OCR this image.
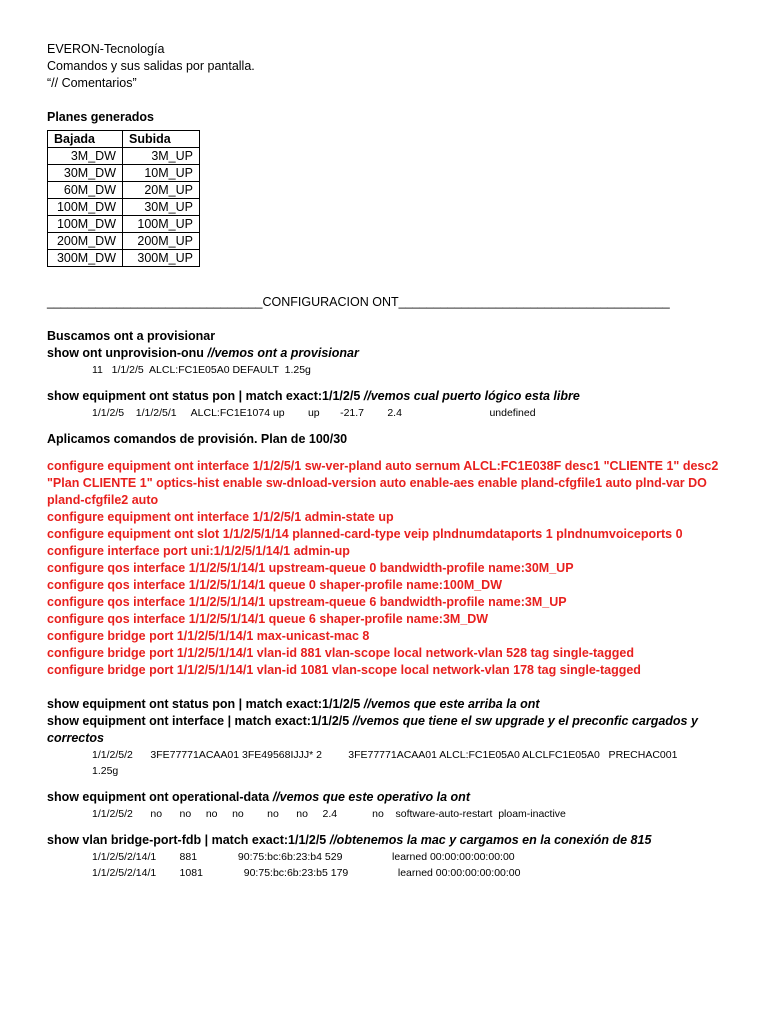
EVERON-Tecnología
Comandos y sus salidas por pantalla.
“// Comentarios”
Planes generados
Bajada	Subida
3M_DW	3M_UP
30M_DW	10M_UP
60M_DW	20M_UP
100M_DW	30M_UP
100M_DW	100M_UP
200M_DW	200M_UP
300M_DW	300M_UP
_______________________________CONFIGURACION ONT_______________________________________
Buscamos ont a provisionar
show ont unprovision-onu //vemos ont a provisionar
11   1/1/2/5  ALCL:FC1E05A0 DEFAULT  1.25g
show equipment ont status pon | match exact:1/1/2/5 //vemos cual puerto lógico esta libre
1/1/2/5    1/1/2/5/1     ALCL:FC1E1074 up        up       -21.7        2.4                              undefined
Aplicamos comandos de provisión. Plan de 100/30
configure equipment ont interface 1/1/2/5/1 sw-ver-pland auto sernum ALCL:FC1E038F desc1 "CLIENTE 1" desc2 "Plan CLIENTE 1" optics-hist enable sw-dnload-version auto enable-aes enable pland-cfgfile1 auto plnd-var DO pland-cfgfile2 auto
configure equipment ont interface 1/1/2/5/1 admin-state up
configure equipment ont slot 1/1/2/5/1/14 planned-card-type veip plndnumdataports 1 plndnumvoiceports 0
configure interface port uni:1/1/2/5/1/14/1 admin-up
configure qos interface 1/1/2/5/1/14/1 upstream-queue 0 bandwidth-profile name:30M_UP
configure qos interface 1/1/2/5/1/14/1 queue 0 shaper-profile name:100M_DW
configure qos interface 1/1/2/5/1/14/1 upstream-queue 6 bandwidth-profile name:3M_UP
configure qos interface 1/1/2/5/1/14/1 queue 6 shaper-profile name:3M_DW
configure bridge port 1/1/2/5/1/14/1 max-unicast-mac 8
configure bridge port 1/1/2/5/1/14/1 vlan-id 881 vlan-scope local network-vlan 528 tag single-tagged
configure bridge port 1/1/2/5/1/14/1 vlan-id 1081 vlan-scope local network-vlan 178 tag single-tagged
show equipment ont status pon | match exact:1/1/2/5 //vemos que este arriba la ont
show equipment ont interface | match exact:1/1/2/5 //vemos que tiene el sw upgrade y el preconfic cargados y correctos
1/1/2/5/2      3FE77771ACAA01 3FE49568IJJJ* 2         3FE77771ACAA01 ALCL:FC1E05A0 ALCLFC1E05A0   PRECHAC001
1.25g
show equipment ont operational-data //vemos que este operativo la ont
1/1/2/5/2      no      no     no     no        no      no     2.4            no    software-auto-restart  ploam-inactive
show vlan bridge-port-fdb | match exact:1/1/2/5 //obtenemos la mac y cargamos en la conexión de 815
1/1/2/5/2/14/1        881              90:75:bc:6b:23:b4 529                 learned 00:00:00:00:00:00
1/1/2/5/2/14/1        1081              90:75:bc:6b:23:b5 179                 learned 00:00:00:00:00:00
